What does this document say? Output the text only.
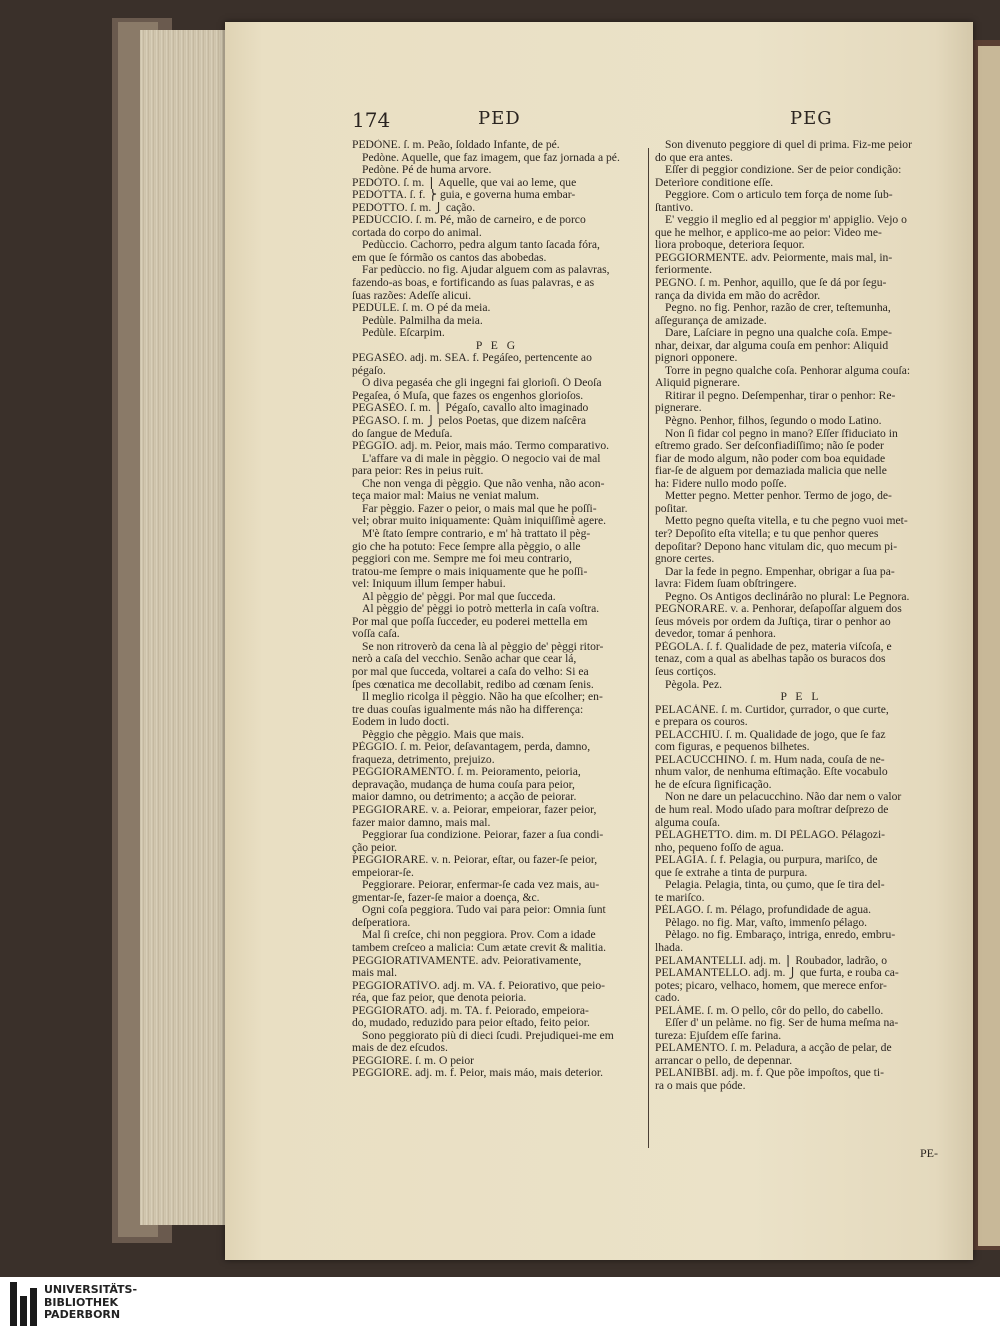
174	PED	PEG
PEDÒNE. ſ. m. Peão, ſoldado Infante, de pé.
Pedòne. Aquelle, que faz imagem, que faz jornada a pé.
Pedòne. Pé de huma arvore.
PEDÒTO. ſ. m. ⎫ Aquelle, que vai ao leme, que
PEDÒTTA. ſ. f. ⎬ guia, e governa huma embar-
PEDÒTTO. ſ. m. ⎭ cação.
PEDÙCCIO. ſ. m. Pé, mão de carneiro, e de porco
cortada do corpo do animal.
Pedùccio. Cachorro, pedra algum tanto ſacada fóra,
em que ſe fórmão os cantos das abobedas.
Far pedùccio. no fig. Ajudar alguem com as palavras,
fazendo-as boas, e fortificando as ſuas palavras, e as
ſuas razões: Adeſſe alicui.
PEDÙLE. ſ. m. O pé da meia.
Pedùle. Palmilha da meia.
Pedùle. Eſcarpim.
P E G
PEGASÈO. adj. m. SEA. f. Pegáſeo, pertencente ao
pégaſo.
O diva pegaséa che gli ingegni fai glorioſi. Ó Deoſa
Pegaſea, ó Muſa, que fazes os engenhos glorioſos.
PEGASÈO. ſ. m. ⎫ Pégaſo, cavallo alto imaginado
PÈGASO. ſ. m. ⎭ pelos Poetas, que dizem naſcêra
do ſangue de Meduſa.
PÈGGIO. adj. m. Peior, mais máo. Termo comparativo.
L'affare va di male in pèggio. O negocio vai de mal
para peior: Res in peius ruit.
Che non venga di pèggio. Que não venha, não acon-
teça maior mal: Maius ne veniat malum.
Far pèggio. Fazer o peior, o mais mal que he poſſi-
vel; obrar muito iniquamente: Quàm iniquiſſimè agere.
M'è ſtato ſempre contrario, e m' hà trattato il pèg-
gio che ha potuto: Fece ſempre alla pèggio, o alle
peggiori con me. Sempre me foi meu contrario,
tratou-me ſempre o mais iniquamente que he poſſi-
vel: Iniquum illum ſemper habui.
Al pèggio de' pèggi. Por mal que ſucceda.
Al pèggio de' pèggi io potrò metterla in caſa voſtra.
Por mal que poſſa ſucceder, eu poderei mettella em
voſſa caſa.
Se non ritroverò da cena là al pèggio de' pèggi ritor-
nerò a caſa del vecchio. Senão achar que cear lá,
por mal que ſucceda, voltarei a caſa do velho: Si ea
ſpes cœnatica me decollabit, redibo ad cœnam ſenis.
Il meglio ricolga il pèggio. Não ha que eſcolher; en-
tre duas couſas igualmente más não ha differença:
Eodem in ludo docti.
Pèggio che pèggio. Mais que mais.
PÈGGIO. ſ. m. Peior, deſavantagem, perda, damno,
fraqueza, detrimento, prejuizo.
PEGGIORAMENTO. ſ. m. Peioramento, peioria,
depravação, mudança de huma couſa para peior,
maior damno, ou detrimento; a acção de peiorar.
PEGGIORARE. v. a. Peiorar, empeiorar, fazer peior,
fazer maior damno, mais mal.
Peggiorar ſua condizione. Peiorar, fazer a ſua condi-
ção peior.
PEGGIORARE. v. n. Peiorar, eſtar, ou fazer-ſe peior,
empeiorar-ſe.
Peggiorare. Peiorar, enfermar-ſe cada vez mais, au-
gmentar-ſe, fazer-ſe maior a doença, &c.
Ogni coſa peggiora. Tudo vai para peior: Omnia ſunt
deſperatiora.
Mal ſi creſce, chi non peggiora. Prov. Com a idade
tambem creſceo a malicia: Cum ætate crevit & malitia.
PEGGIORATIVAMENTE. adv. Peiorativamente,
mais mal.
PEGGIORATÌVO. adj. m. VA. f. Peiorativo, que peio-
réa, que faz peior, que denota peioria.
PEGGIORATO. adj. m. TA. f. Peiorado, empeiora-
do, mudado, reduzido para peior eſtado, feito peior.
Sono peggiorato più di dieci ſcudi. Prejudiquei-me em
mais de dez eſcudos.
PEGGIORE. ſ. m. O peior
PEGGIORE. adj. m. f. Peior, mais máo, mais deterior.
Son divenuto peggiore di quel di prima. Fiz-me peior
do que era antes.
Eſſer di peggior condizione. Ser de peior condição:
Deterìore conditione eſſe.
Peggiore. Com o articulo tem força de nome ſub-
ſtantivo.
E' veggio il meglio ed al peggior m' appiglio. Vejo o
que he melhor, e applico-me ao peior: Video me-
liora proboque, deteriora ſequor.
PEGGIORMENTE. adv. Peiormente, mais mal, in-
feriormente.
PEGNO. ſ. m. Penhor, aquillo, que ſe dá por ſegu-
rança da divida em mão do acrêdor.
Pegno. no fig. Penhor, razão de crer, teſtemunha,
aſſegurança de amizade.
Dare, Laſciare in pegno una qualche coſa. Empe-
nhar, deixar, dar alguma couſa em penhor: Aliquid
pignori opponere.
Torre in pegno qualche coſa. Penhorar alguma couſa:
Aliquid pignerare.
Ritirar il pegno. Deſempenhar, tirar o penhor: Re-
pignerare.
Pègno. Penhor, filhos, ſegundo o modo Latino.
Non ſi fidar col pegno in mano? Eſſer ſfiduciato in
eſtremo grado. Ser deſconfiadiſſimo; não ſe poder
fiar de modo algum, não poder com boa equidade
fiar-ſe de alguem por demaziada malicia que nelle
ha: Fidere nullo modo poſſe.
Metter pegno. Metter penhor. Termo de jogo, de-
poſitar.
Metto pegno queſta vitella, e tu che pegno vuoi met-
ter? Depoſito eſta vitella; e tu que penhor queres
depoſitar? Depono hanc vitulam dic, quo mecum pi-
gnore certes.
Dar la fede in pegno. Empenhar, obrigar a ſua pa-
lavra: Fidem ſuam obſtringere.
Pegno. Os Antigos declinárão no plural: Le Pegnora.
PEGNORARE. v. a. Penhorar, deſapoſſar alguem dos
ſeus móveis por ordem da Juſtiça, tirar o penhor ao
devedor, tomar á penhora.
PÈGOLA. ſ. f. Qualidade de pez, materia viſcoſa, e
tenaz, com a qual as abelhas tapão os buracos dos
ſeus cortiços.
Pègola. Pez.
P E L
PELACÀNE. ſ. m. Curtidor, çurrador, o que curte,
e prepara os couros.
PELACCHIÙ. ſ. m. Qualidade de jogo, que ſe faz
com figuras, e pequenos bilhetes.
PELACUCCHINO. ſ. m. Hum nada, couſa de ne-
nhum valor, de nenhuma eſtimação. Eſte vocabulo
he de eſcura ſignificação.
Non ne dare un pelacucchino. Não dar nem o valor
de hum real. Modo uſado para moſtrar deſprezo de
alguma couſa.
PELAGHETTO. dim. m. DI PÈLAGO. Pélagozi-
nho, pequeno foſſo de agua.
PELAGIA. ſ. f. Pelagia, ou purpura, mariſco, de
que ſe extrahe a tinta de purpura.
Pelagia. Pelagia, tinta, ou çumo, que ſe tira del-
te mariſco.
PÈLAGO. ſ. m. Pélago, profundidade de agua.
Pèlago. no fig. Mar, vaſto, immenſo pélago.
Pèlago. no fig. Embaraço, intriga, enredo, embru-
lhada.
PELAMANTELLI. adj. m. ⎫ Roubador, ladrão, o
PELAMANTELLO. adj. m. ⎭ que furta, e rouba ca-
potes; picaro, velhaco, homem, que merece enfor-
cado.
PELÀME. ſ. m. O pello, côr do pello, do cabello.
Eſſer d' un pelàme. no fig. Ser de huma meſma na-
tureza: Ejuſdem eſſe farina.
PELAMENTO. ſ. m. Peladura, a acção de pelar, de
arrancar o pello, de depennar.
PELANIBBI. adj. m. f. Que põe impoſtos, que ti-
ra o mais que póde.
PE-
UNIVERSITÄTS-
BIBLIOTHEK
PADERBORN
